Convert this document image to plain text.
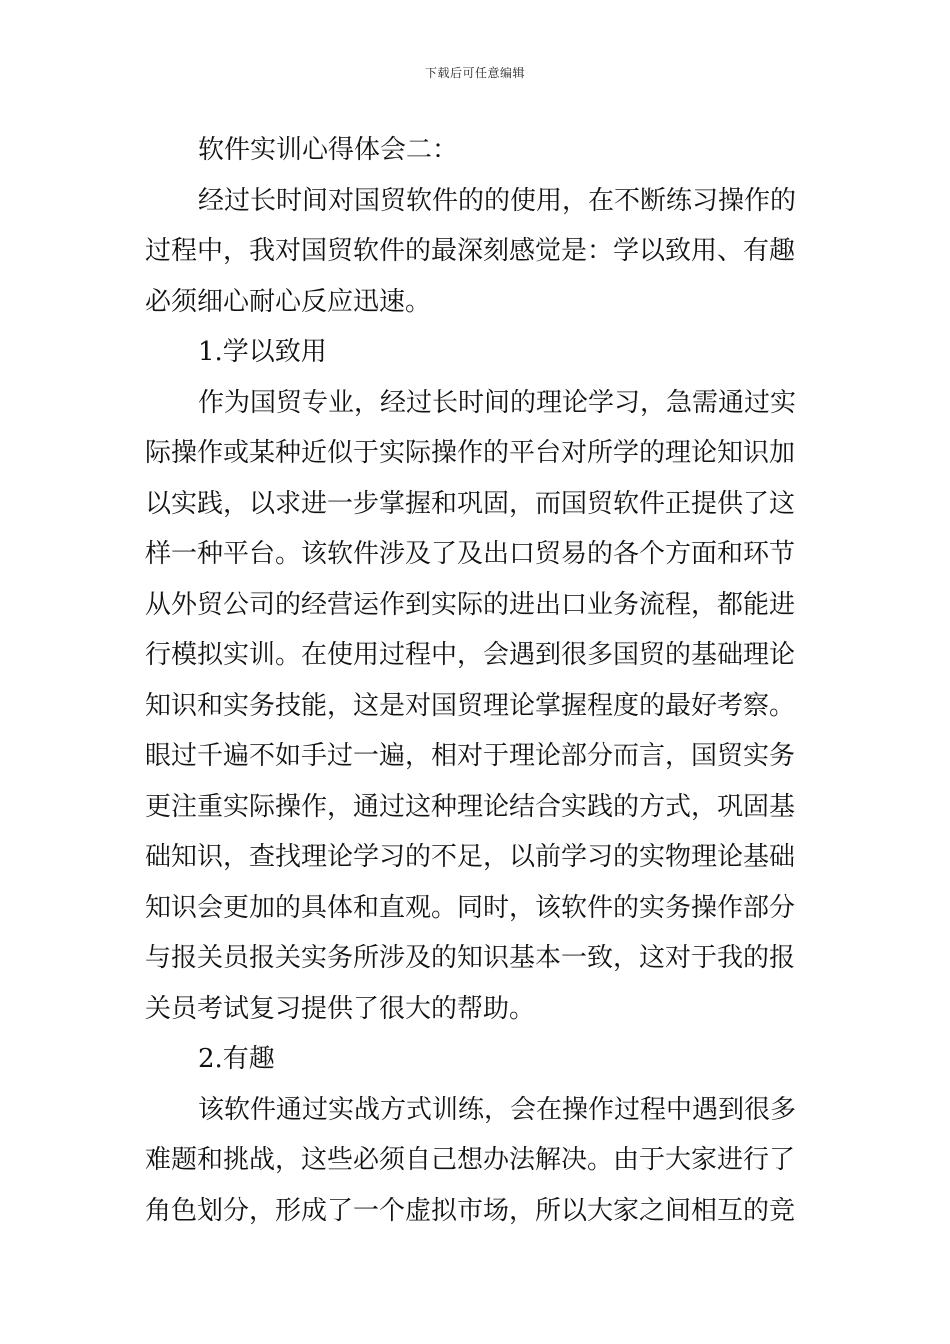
下载后可任意编辑
软件实训心得体会二：
经过长时间对国贸软件的的使用，在不断练习操作的
过程中，我对国贸软件的最深刻感觉是：学以致用、有趣
必须细心耐心反应迅速。
1.学以致用
作为国贸专业，经过长时间的理论学习，急需通过实
际操作或某种近似于实际操作的平台对所学的理论知识加
以实践，以求进一步掌握和巩固，而国贸软件正提供了这
样一种平台。该软件涉及了及出口贸易的各个方面和环节
从外贸公司的经营运作到实际的进出口业务流程，都能进
行模拟实训。在使用过程中，会遇到很多国贸的基础理论
知识和实务技能，这是对国贸理论掌握程度的最好考察。
眼过千遍不如手过一遍，相对于理论部分而言，国贸实务
更注重实际操作，通过这种理论结合实践的方式，巩固基
础知识，查找理论学习的不足，以前学习的实物理论基础
知识会更加的具体和直观。同时，该软件的实务操作部分
与报关员报关实务所涉及的知识基本一致，这对于我的报
关员考试复习提供了很大的帮助。
2.有趣
该软件通过实战方式训练，会在操作过程中遇到很多
难题和挑战，这些必须自己想办法解决。由于大家进行了
角色划分，形成了一个虚拟市场，所以大家之间相互的竞
